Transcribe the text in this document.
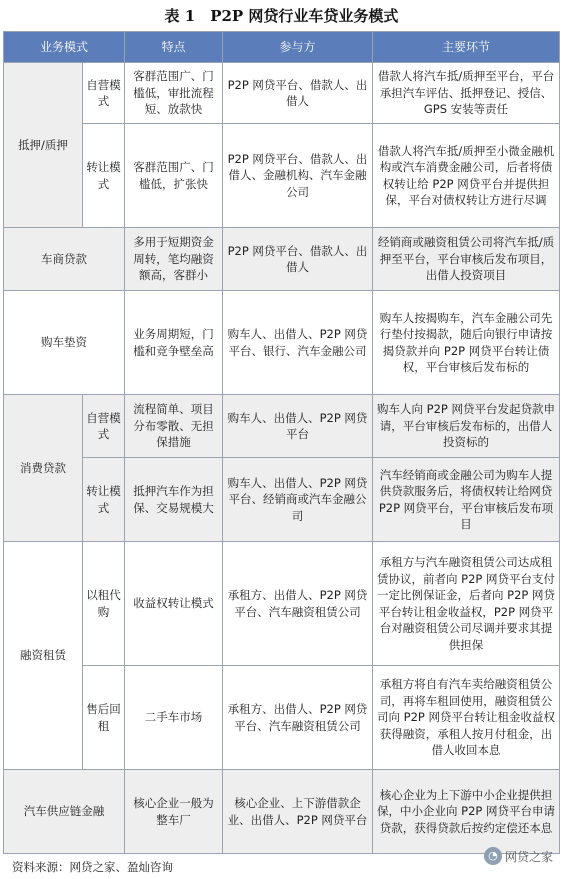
表 1　P2P 网贷行业车贷业务模式
业务模式		特点	参与方	主要环节
抵押/质押	自营模式	客群范围广、门槛低，审批流程短、放款快	P2P 网贷平台、借款人、出借人	借款人将汽车抵/质押至平台，平台承担汽车评估、抵押登记、授信、GPS 安装等责任
	转让模式	客群范围广、门槛低，扩张快	P2P 网贷平台、借款人、出借人、金融机构、汽车金融公司	借款人将汽车抵/质押至小微金融机构或汽车消费金融公司，后者将债权转让给 P2P 网贷平台并提供担保，平台对债权转让方进行尽调
车商贷款		多用于短期资金周转，笔均融资额高，客群小	P2P 网贷平台、借款人、出借人	经销商或融资租赁公司将汽车抵/质押至平台，平台审核后发布项目，出借人投资项目
购车垫资		业务周期短，门槛和竞争壁垒高	购车人、出借人、P2P 网贷平台、银行、汽车金融公司	购车人按揭购车，汽车金融公司先行垫付按揭款，随后向银行申请按揭贷款并向 P2P 网贷平台转让债权，平台审核后发布标的
消费贷款	自营模式	流程简单、项目分布零散、无担保措施	购车人、出借人、P2P 网贷平台	购车人向 P2P 网贷平台发起贷款申请，平台审核后发布标的，出借人投资标的
	转让模式	抵押汽车作为担保、交易规模大	购车人、出借人、P2P 网贷平台、经销商或汽车金融公司	汽车经销商或金融公司为购车人提供贷款服务后，将债权转让给网贷 P2P 网贷平台，平台审核后发布项目
融资租赁	以租代购	收益权转让模式	承租方、出借人、P2P 网贷平台、汽车融资租赁公司	承租方与汽车融资租赁公司达成租赁协议，前者向 P2P 网贷平台支付一定比例保证金，后者向 P2P 网贷平台转让租金收益权，P2P 网贷平台对融资租赁公司尽调并要求其提供担保
	售后回租	二手车市场	承租方、出借人、P2P 网贷平台、汽车融资租赁公司	承租方将自有汽车卖给融资租赁公司，再将车租回使用，融资租赁公司向 P2P 网贷平台转让租金收益权获得融资，承租人按月付租金，出借人收回本息
汽车供应链金融		核心企业一般为整车厂	核心企业、上下游借款企业、出借人、P2P 网贷平台	核心企业为上下游中小企业提供担保，中小企业向 P2P 网贷平台申请贷款，获得贷款后按约定偿还本息
资料来源：网贷之家、盈灿咨询
◔ 网贷之家
